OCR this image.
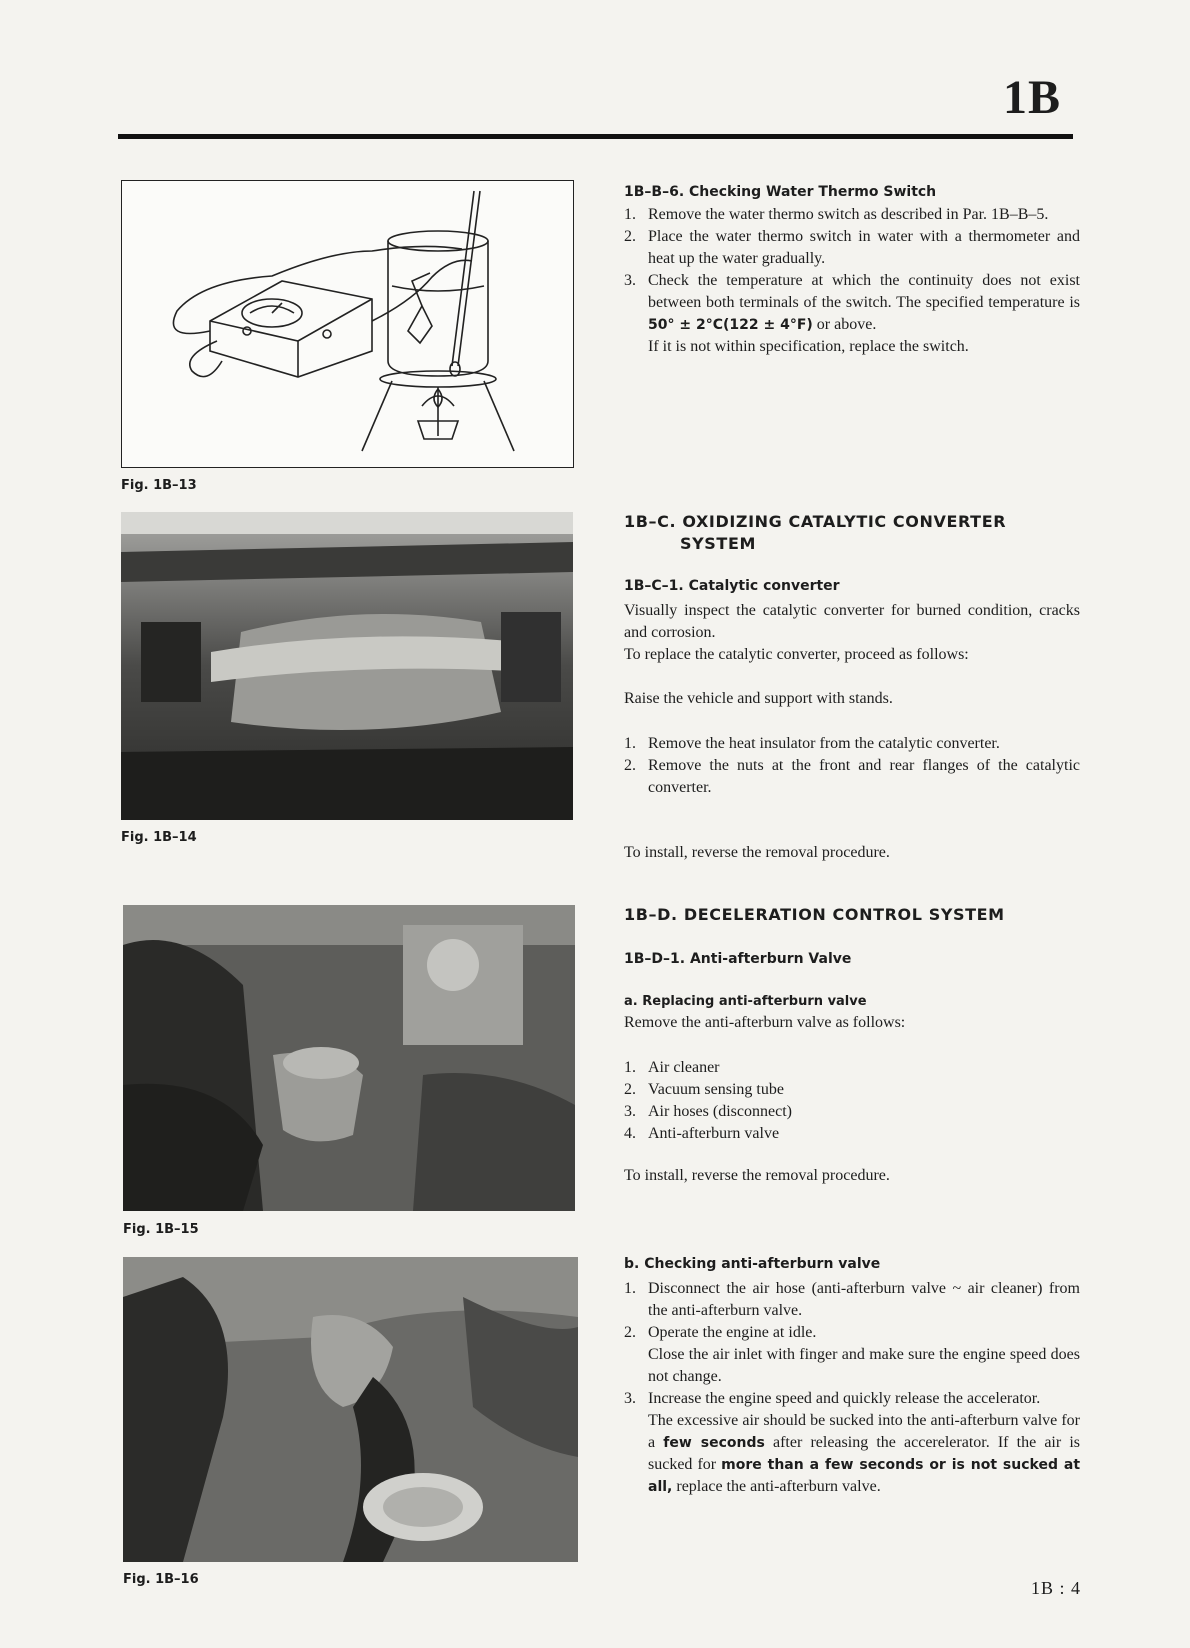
1B
Fig. 1B–13
Fig. 1B–14
Fig. 1B–15
Fig. 1B–16
1B–B–6. Checking Water Thermo Switch
1. Remove the water thermo switch as described in Par. 1B–B–5.
2. Place the water thermo switch in water with a thermometer and heat up the water gradually.
3. Check the temperature at which the continuity does not exist between both terminals of the switch. The specified temperature is 50° ± 2°C(122 ± 4°F) or above.
If it is not within specification, replace the switch.
1B–C. OXIDIZING CATALYTIC CONVERTER
SYSTEM
1B–C–1. Catalytic converter
Visually inspect the catalytic converter for burned condition, cracks and corrosion.
To replace the catalytic converter, proceed as follows:
Raise the vehicle and support with stands.
1. Remove the heat insulator from the catalytic converter.
2. Remove the nuts at the front and rear flanges of the catalytic converter.
To install, reverse the removal procedure.
1B–D. DECELERATION CONTROL SYSTEM
1B–D–1. Anti-afterburn Valve
a. Replacing anti-afterburn valve
Remove the anti-afterburn valve as follows:
1. Air cleaner
2. Vacuum sensing tube
3. Air hoses (disconnect)
4. Anti-afterburn valve
To install, reverse the removal procedure.
b. Checking anti-afterburn valve
1. Disconnect the air hose (anti-afterburn valve ~ air cleaner) from the anti-afterburn valve.
2. Operate the engine at idle.
Close the air inlet with finger and make sure the engine speed does not change.
3. Increase the engine speed and quickly release the accelerator.
The excessive air should be sucked into the anti-afterburn valve for a few seconds after releasing the accerelerator. If the air is sucked for more than a few seconds or is not sucked at all, replace the anti-afterburn valve.
1B : 4
